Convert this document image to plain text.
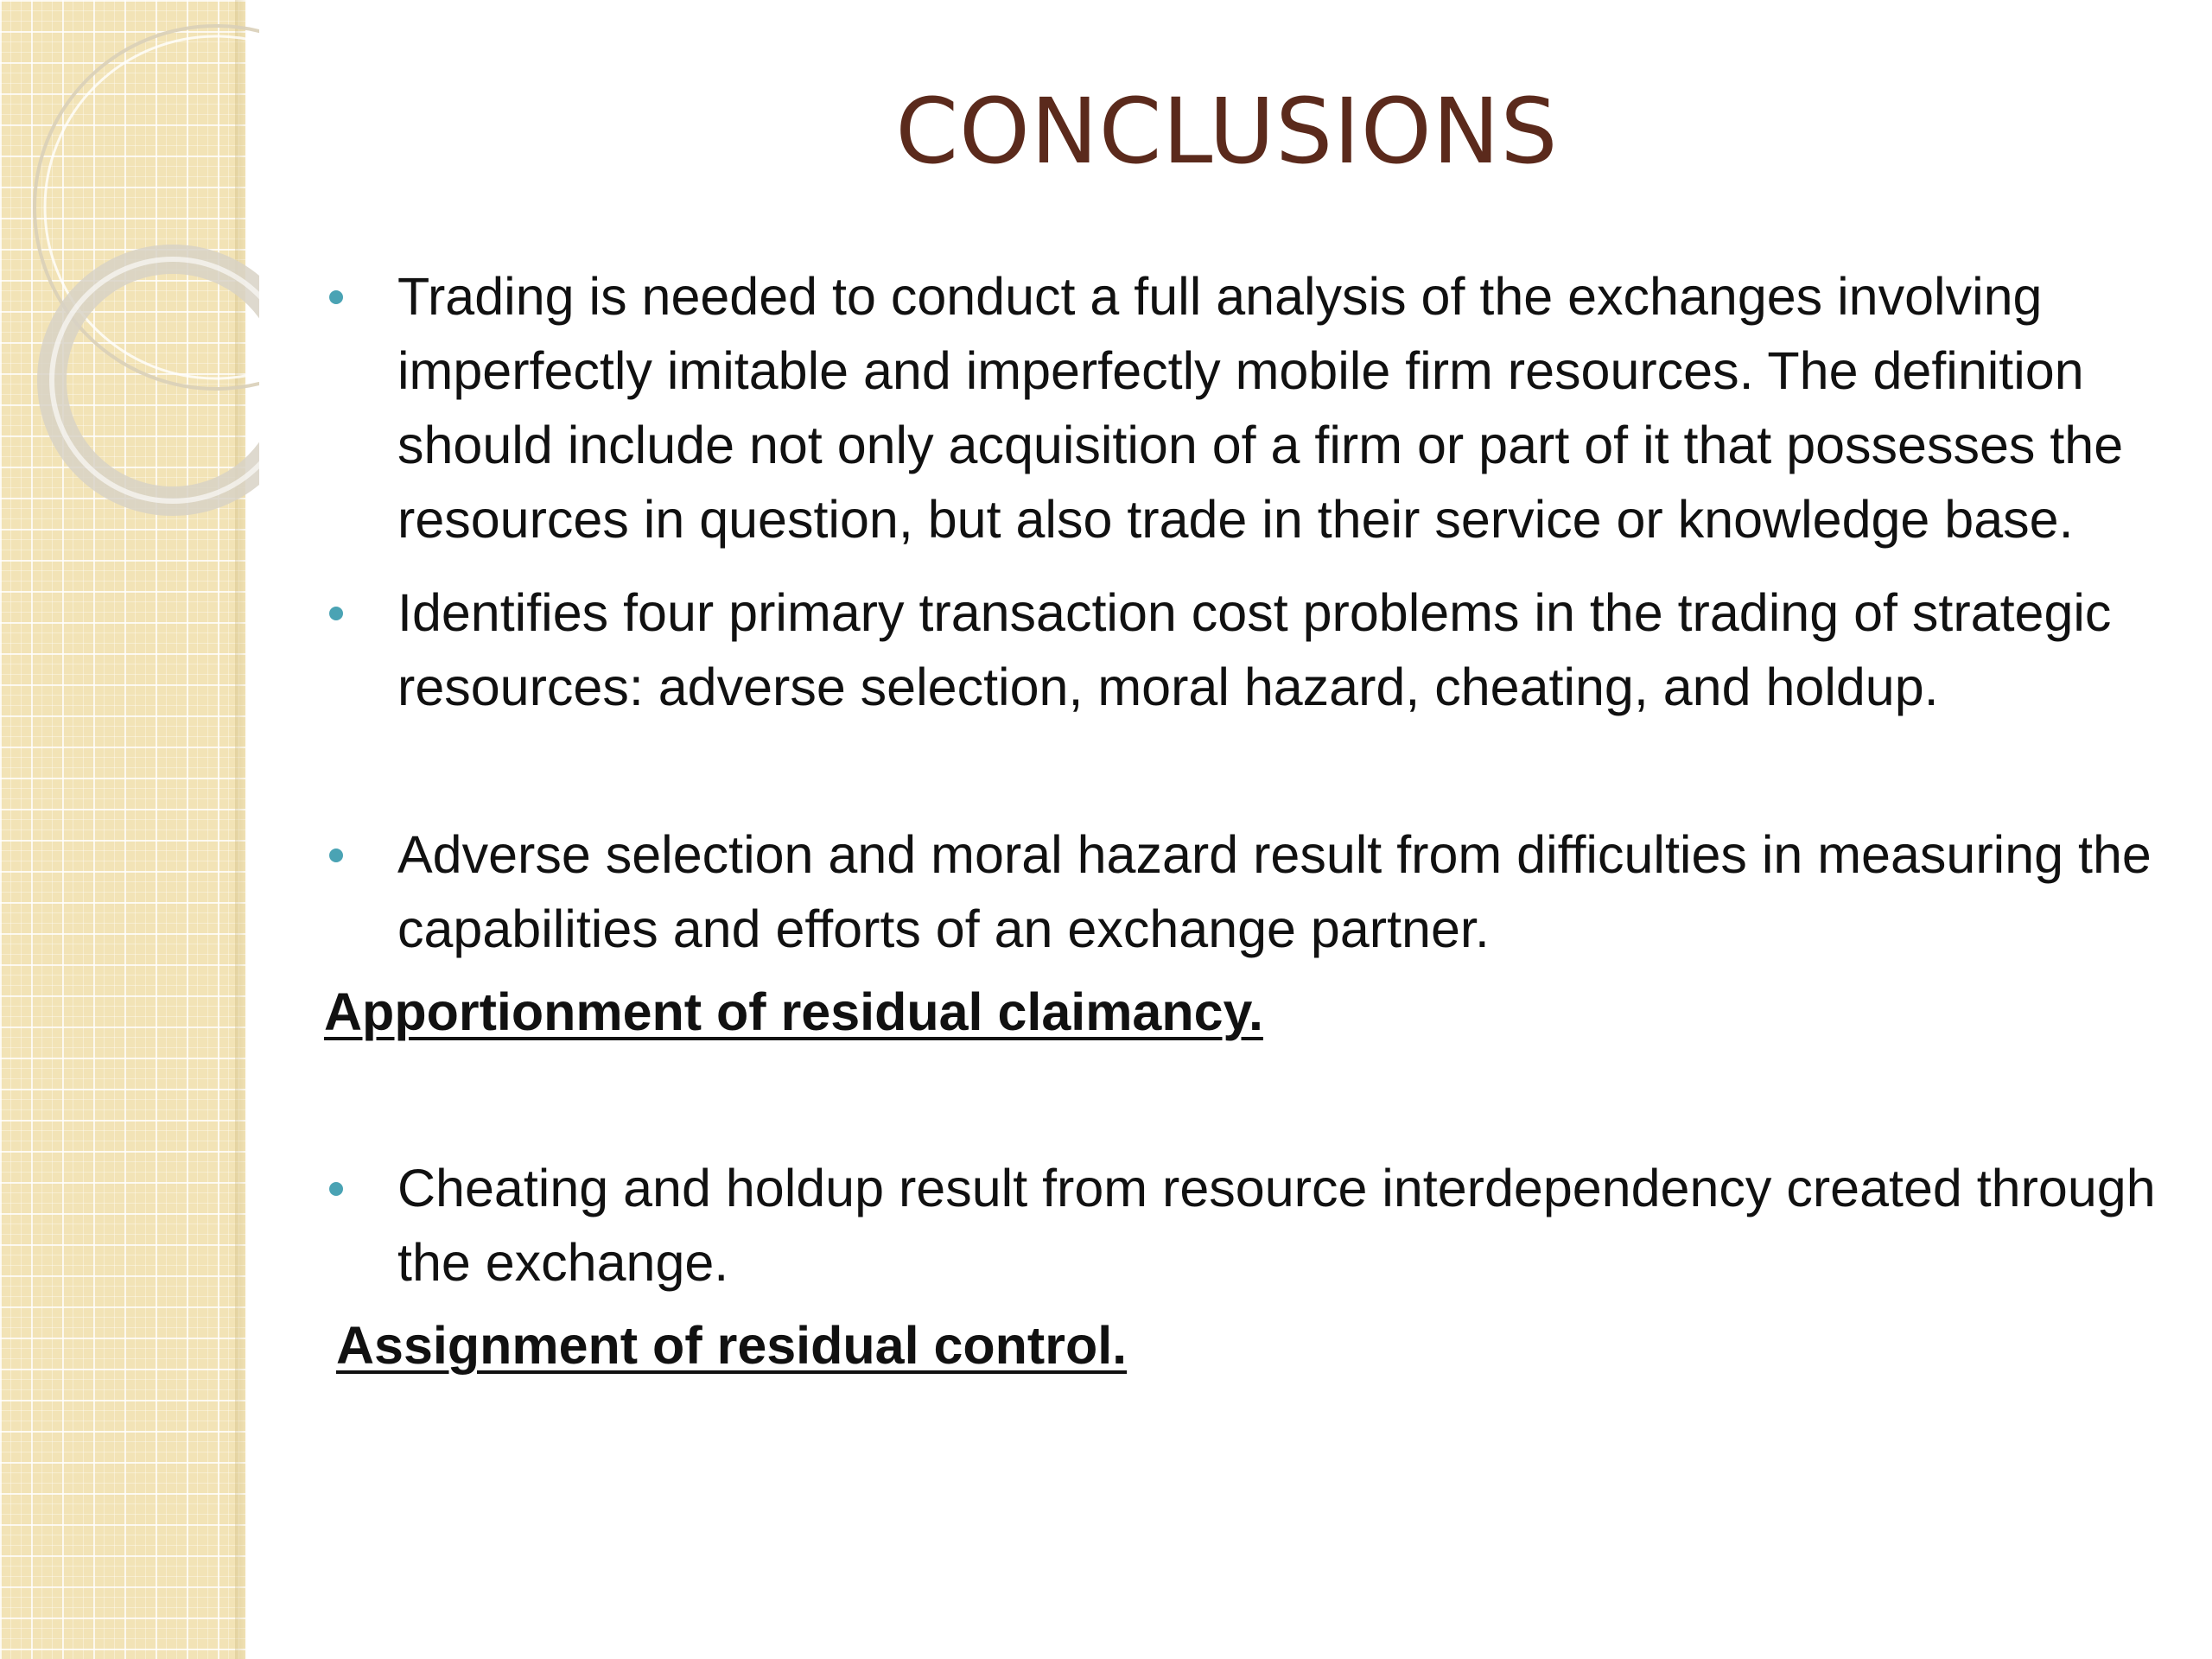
CONCLUSIONS

Trading is needed to conduct a full analysis of the exchanges involving imperfectly imitable and imperfectly mobile firm resources. The definition should include not only acquisition of a firm or part of it that possesses the resources in question, but also trade in their service or knowledge base.

Identifies four primary transaction cost problems in the trading of strategic resources: adverse selection, moral hazard, cheating, and holdup.

Adverse selection and moral hazard result from difficulties in measuring the capabilities and efforts of an exchange partner.

Apportionment of residual claimancy.

Cheating and holdup result from resource interdependency created through the exchange.

Assignment of residual control.
